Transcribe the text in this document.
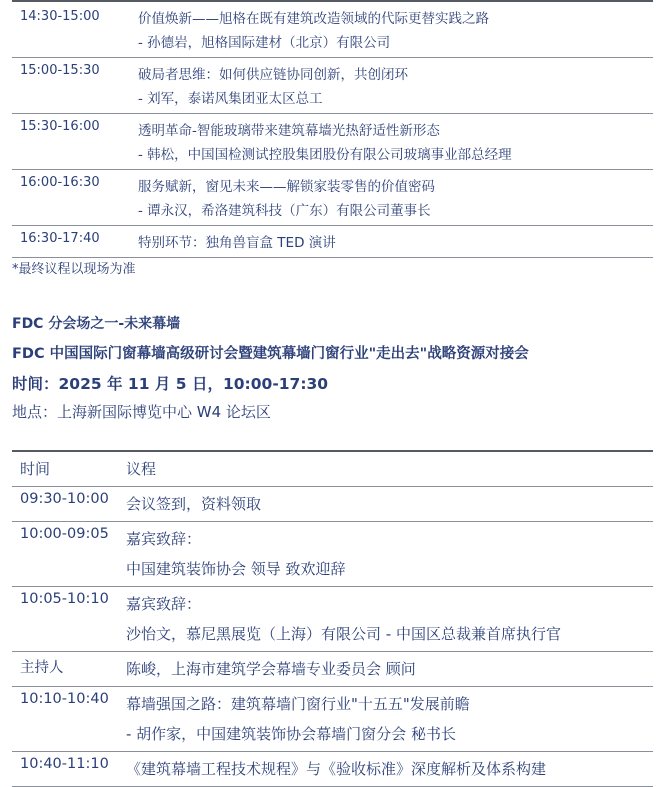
14:30-15:00	价值焕新——旭格在既有建筑改造领域的代际更替实践之路
- 孙德岩，旭格国际建材（北京）有限公司

15:00-15:30	破局者思维：如何供应链协同创新，共创闭环
- 刘军，泰诺风集团亚太区总工

15:30-16:00	透明革命-智能玻璃带来建筑幕墙光热舒适性新形态
- 韩松，中国国检测试控股集团股份有限公司玻璃事业部总经理

16:00-16:30	服务赋新，窗见未来——解锁家装零售的价值密码
- 谭永汉，希洛建筑科技（广东）有限公司董事长

16:30-17:40	特别环节：独角兽盲盒 TED 演讲
*最终议程以现场为准
FDC 分会场之一-未来幕墙
FDC 中国国际门窗幕墙高级研讨会暨建筑幕墙门窗行业"走出去"战略资源对接会
时间：2025 年 11 月 5 日，10:00-17:30
地点：上海新国际博览中心 W4 论坛区
时间	议程

09:30-10:00	会议签到，资料领取

10:00-09:05	嘉宾致辞：
中国建筑装饰协会 领导 致欢迎辞

10:05-10:10	嘉宾致辞：
沙怡文，慕尼黑展览（上海）有限公司 - 中国区总裁兼首席执行官

主持人	陈峻，上海市建筑学会幕墙专业委员会 顾问

10:10-10:40	幕墙强国之路：建筑幕墙门窗行业"十五五"发展前瞻
- 胡作家，中国建筑装饰协会幕墙门窗分会 秘书长

10:40-11:10	《建筑幕墙工程技术规程》与《验收标准》深度解析及体系构建
